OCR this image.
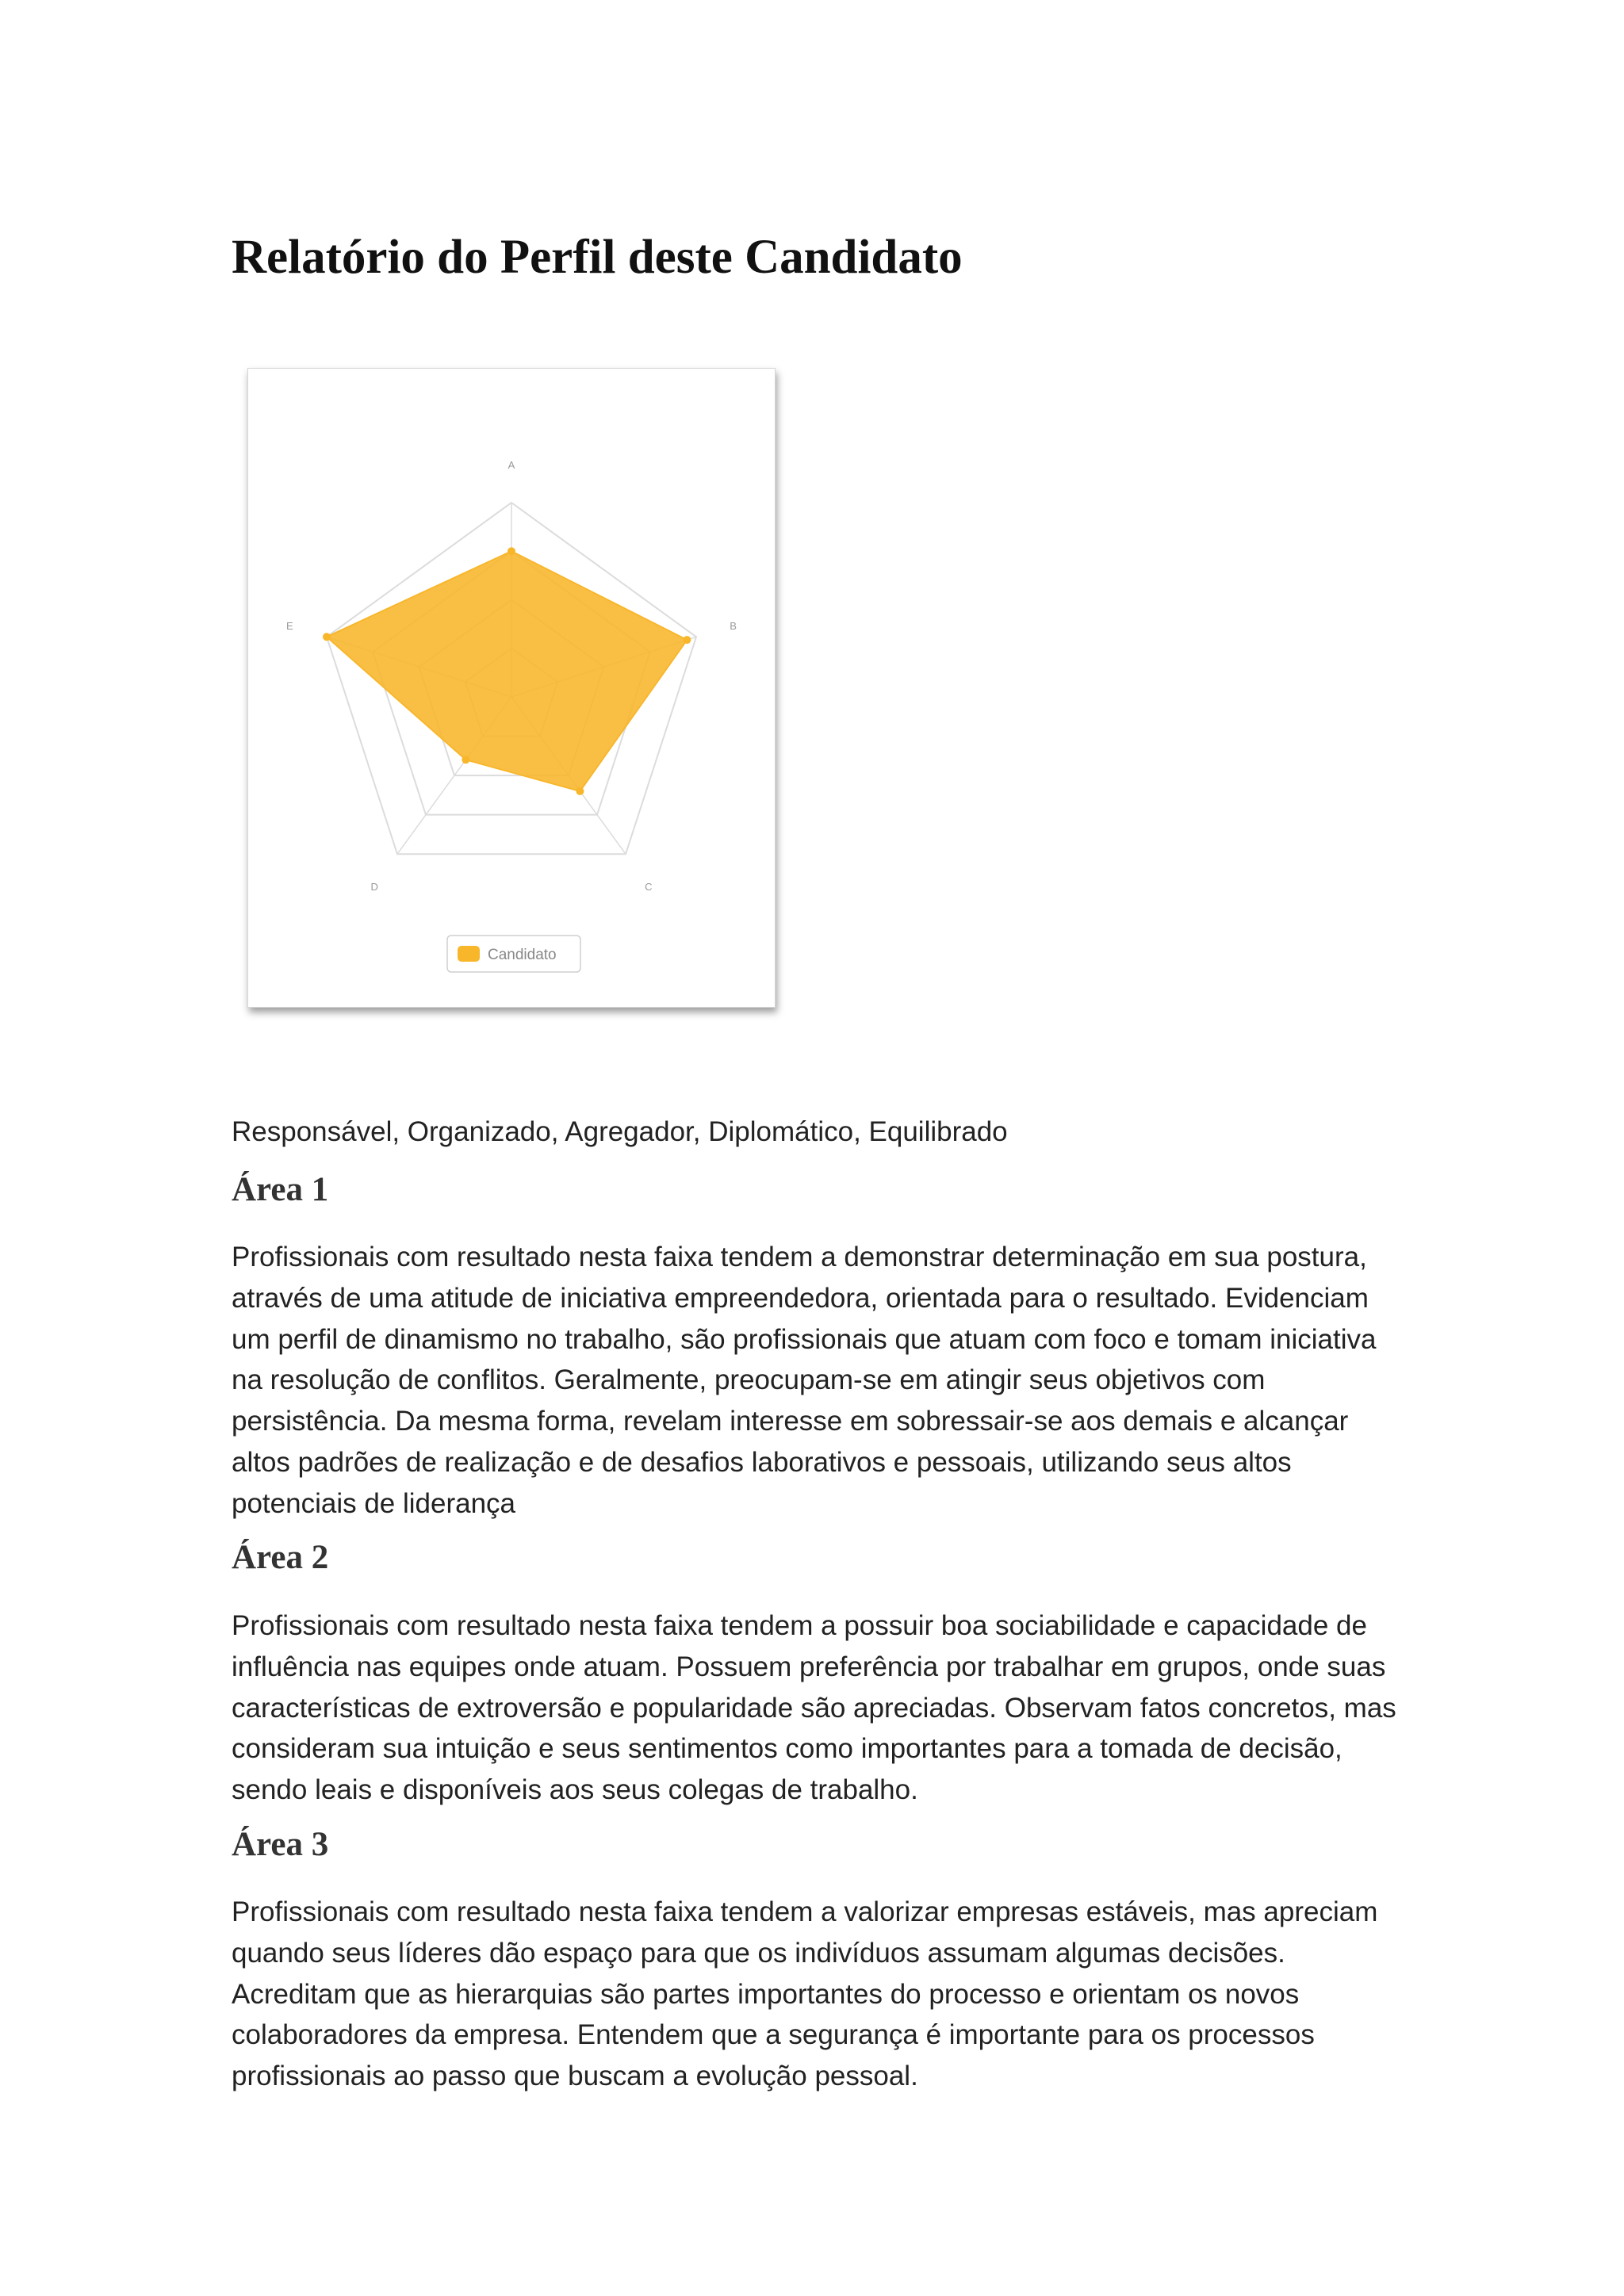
Relatório do Perfil deste Candidato
A
B
C
D
E
Candidato

Responsável, Organizado, Agregador, Diplomático, Equilibrado

Área 1

Profissionais com resultado nesta faixa tendem a demonstrar determinação em sua postura, através de uma atitude de iniciativa empreendedora, orientada para o resultado. Evidenciam um perfil de dinamismo no trabalho, são profissionais que atuam com foco e tomam iniciativa na resolução de conflitos. Geralmente, preocupam-se em atingir seus objetivos com persistência. Da mesma forma, revelam interesse em sobressair-se aos demais e alcançar altos padrões de realização e de desafios laborativos e pessoais, utilizando seus altos potenciais de liderança

Área 2

Profissionais com resultado nesta faixa tendem a possuir boa sociabilidade e capacidade de influência nas equipes onde atuam. Possuem preferência por trabalhar em grupos, onde suas características de extroversão e popularidade são apreciadas. Observam fatos concretos, mas consideram sua intuição e seus sentimentos como importantes para a tomada de decisão, sendo leais e disponíveis aos seus colegas de trabalho.

Área 3

Profissionais com resultado nesta faixa tendem a valorizar empresas estáveis, mas apreciam quando seus líderes dão espaço para que os indivíduos assumam algumas decisões. Acreditam que as hierarquias são partes importantes do processo e orientam os novos colaboradores da empresa. Entendem que a segurança é importante para os processos profissionais ao passo que buscam a evolução pessoal.
